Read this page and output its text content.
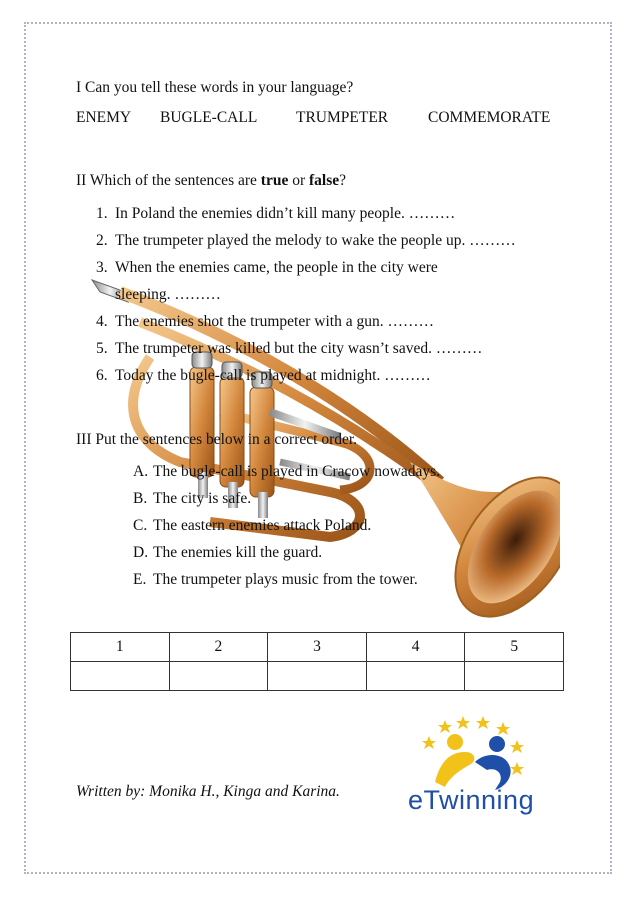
I Can you tell these words in your language?
ENEMY BUGLE-CALL TRUMPETER	COMMEMORATE
II Which of the sentences are true or false?
1. In Poland the enemies didn’t kill many people. ………
2. The trumpeter played the melody to wake the people up. ………
3. When the enemies came, the people in the city were
sleeping. ………
4. The enemies shot the trumpeter with a gun. ………
5. The trumpeter was killed but the city wasn’t saved. ………
6. Today the bugle-call is played at midnight. ………
III Put the sentences below in a correct order.
A. The bugle-call is played in Cracow nowadays.
B. The city is safe.
C. The eastern enemies attack Poland.
D. The enemies kill the guard.
E. The trumpeter plays music from the tower.
1	2	3	4	5

eTwinning
Written by: Monika H., Kinga and Karina.
